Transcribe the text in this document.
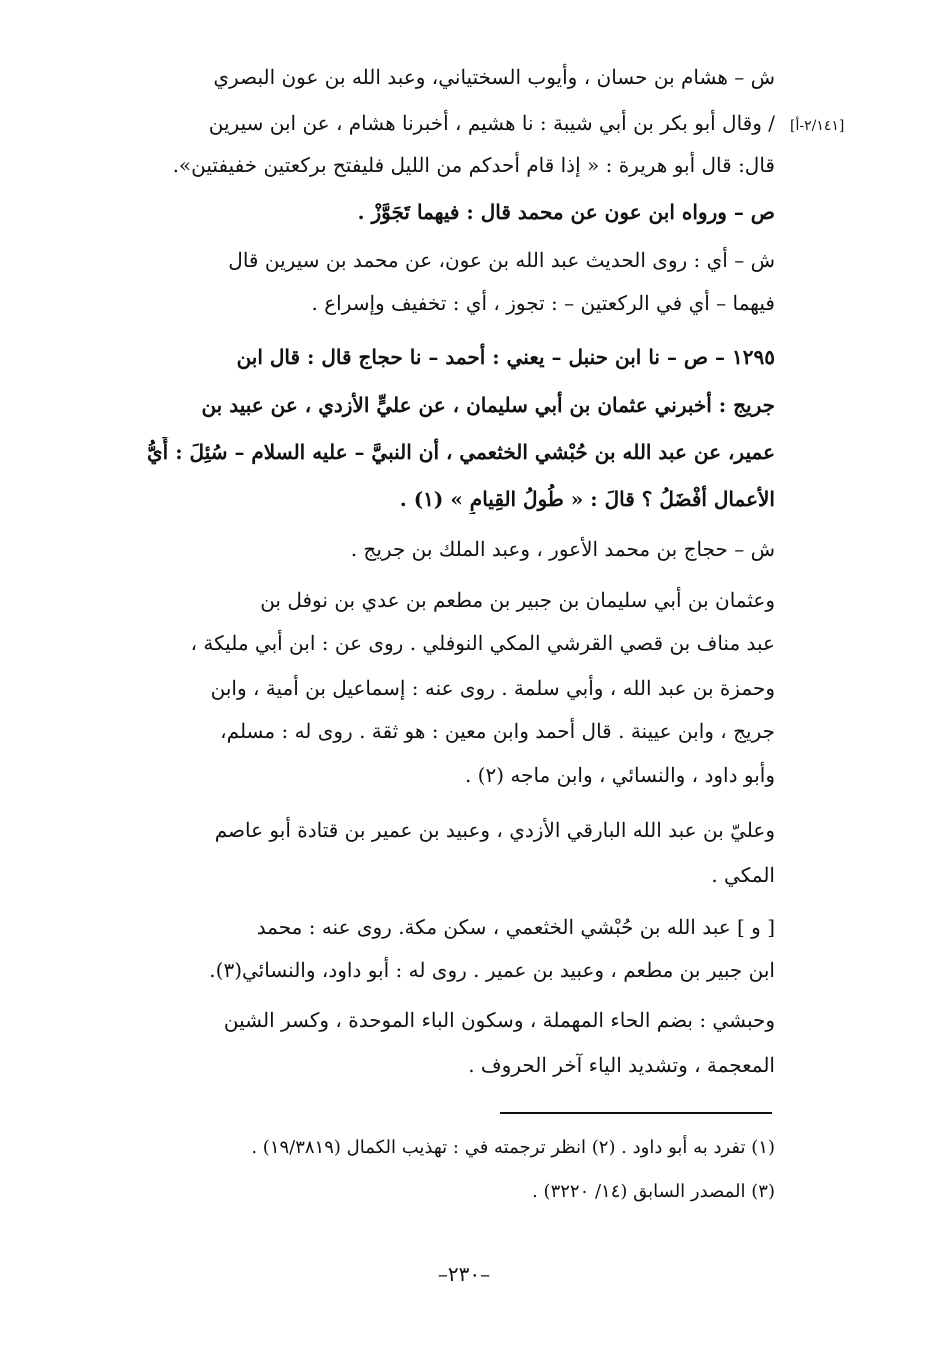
[٢/١٤١-أ]
ش – هشام بن حسان ، وأيوب السختياني، وعبد الله بن عون البصري
/ وقال أبو بكر بن أبي شيبة : نا هشيم ، أخبرنا هشام ، عن ابن سيرين
قال: قال أبو هريرة : « إذا قام أحدكم من الليل فليفتح بركعتين خفيفتين».
ص – ورواه ابن عون عن محمد قال : فيهما تَجَوَّزْ .
ش – أي : روى الحديث عبد الله بن عون، عن محمد بن سيرين قال
فيهما – أي في الركعتين – : تجوز ، أي : تخفيف وإسراع .
١٢٩٥ – ص – نا ابن حنبل – يعني : أحمد – نا حجاج قال : قال ابن
جريج : أخبرني عثمان بن أبي سليمان ، عن عليٍّ الأزدي ، عن عبيد بن
عمير، عن عبد الله بن حُبْشي الخثعمي ، أن النبيَّ – عليه السلام – سُئِلَ : أَيُّ
الأعمال أفْضَلُ ؟ قالَ : « طُولُ القِيامِ » (١) .
ش – حجاج بن محمد الأعور ، وعبد الملك بن جريج .
وعثمان بن أبي سليمان بن جبير بن مطعم بن عدي بن نوفل بن
عبد مناف بن قصي القرشي المكي النوفلي . روى عن : ابن أبي مليكة ،
وحمزة بن عبد الله ، وأبي سلمة . روى عنه : إسماعيل بن أمية ، وابن
جريج ، وابن عيينة . قال أحمد وابن معين : هو ثقة . روى له : مسلم،
وأبو داود ، والنسائي ، وابن ماجه (٢) .
وعليّ بن عبد الله البارقي الأزدي ، وعبيد بن عمير بن قتادة أبو عاصم
المكي .
[ و ] عبد الله بن حُبْشي الخثعمي ، سكن مكة. روى عنه : محمد
ابن جبير بن مطعم ، وعبيد بن عمير . روى له : أبو داود، والنسائي(٣).
وحبشي : بضم الحاء المهملة ، وسكون الباء الموحدة ، وكسر الشين
المعجمة ، وتشديد الياء آخر الحروف .
(١) تفرد به أبو داود . (٢) انظر ترجمته في : تهذيب الكمال (١٩/٣٨١٩) .
(٣) المصدر السابق (١٤/ ٣٢٢٠) .
–٢٣٠–
